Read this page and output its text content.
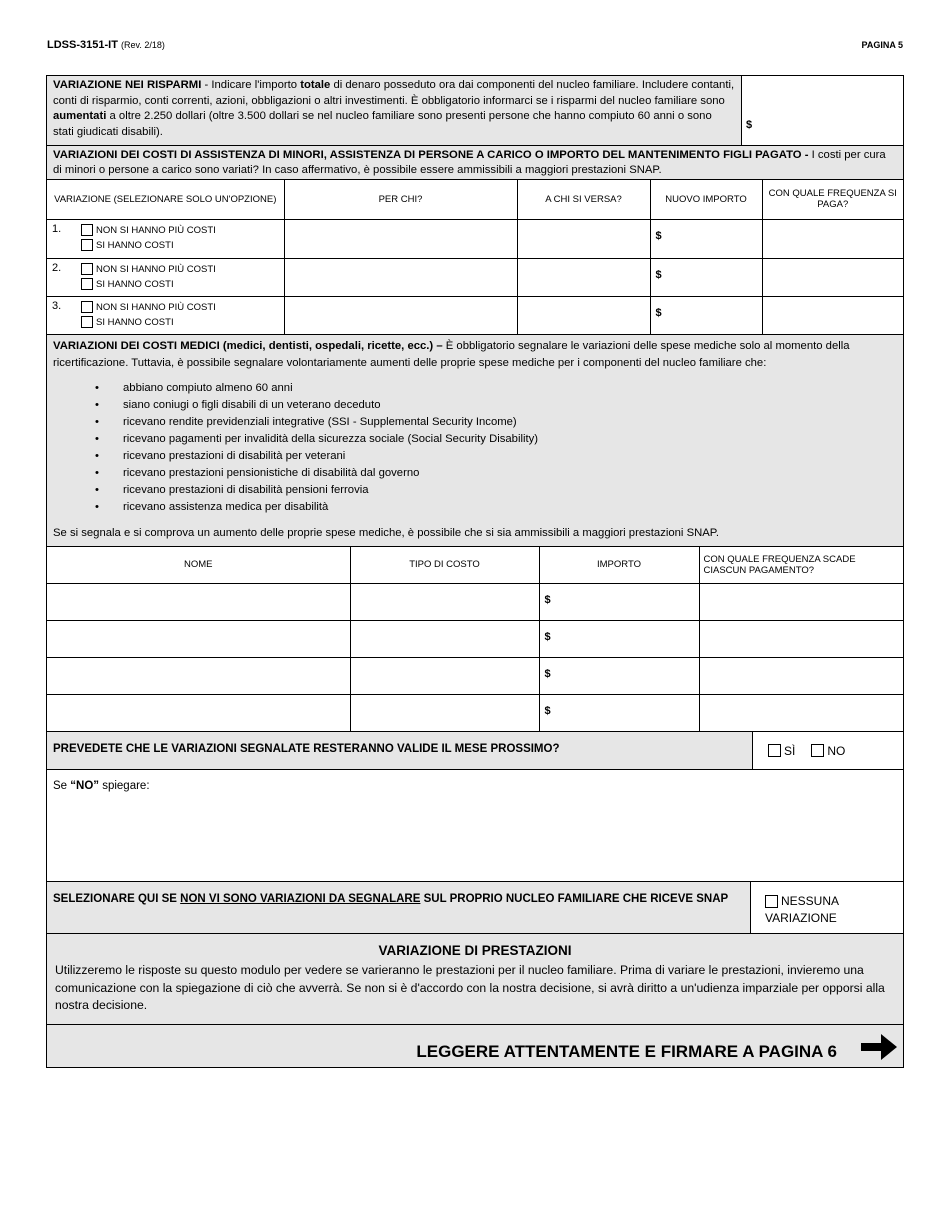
LDSS-3151-IT (Rev. 2/18)	PAGINA 5
VARIAZIONE NEI RISPARMI - Indicare l'importo totale di denaro posseduto ora dai componenti del nucleo familiare. Includere contanti, conti di risparmio, conti correnti, azioni, obbligazioni o altri investimenti. È obbligatorio informarci se i risparmi del nucleo familiare sono aumentati a oltre 2.250 dollari (oltre 3.500 dollari se nel nucleo familiare sono presenti persone che hanno compiuto 60 anni o sono stati giudicati disabili).
$
VARIAZIONI DEI COSTI DI ASSISTENZA DI MINORI, ASSISTENZA DI PERSONE A CARICO O IMPORTO DEL MANTENIMENTO FIGLI PAGATO - I costi per cura di minori o persone a carico sono variati? In caso affermativo, è possibile essere ammissibili a maggiori prestazioni SNAP.
VARIAZIONE (SELEZIONARE SOLO UN'OPZIONE)	PER CHI?	A CHI SI VERSA?	NUOVO IMPORTO	CON QUALE FREQUENZA SI PAGA?

1. NON SI HANNO PIÙ COSTI
SI HANNO COSTI			$	

2. NON SI HANNO PIÙ COSTI
SI HANNO COSTI			$	

3. NON SI HANNO PIÙ COSTI
SI HANNO COSTI			$	
VARIAZIONI DEI COSTI MEDICI (medici, dentisti, ospedali, ricette, ecc.) – È obbligatorio segnalare le variazioni delle spese mediche solo al momento della ricertificazione. Tuttavia, è possibile segnalare volontariamente aumenti delle proprie spese mediche per i componenti del nucleo familiare che:
• abbiano compiuto almeno 60 anni
• siano coniugi o figli disabili di un veterano deceduto
• ricevano rendite previdenziali integrative (SSI - Supplemental Security Income)
• ricevano pagamenti per invalidità della sicurezza sociale (Social Security Disability)
• ricevano prestazioni di disabilità per veterani
• ricevano prestazioni pensionistiche di disabilità dal governo
• ricevano prestazioni di disabilità pensioni ferrovia
• ricevano assistenza medica per disabilità
Se si segnala e si comprova un aumento delle proprie spese mediche, è possibile che si sia ammissibili a maggiori prestazioni SNAP.
NOME	TIPO DI COSTO	IMPORTO	CON QUALE FREQUENZA SCADE CIASCUN PAGAMENTO?
		$	
		$	
		$	
		$	
PREVEDETE CHE LE VARIAZIONI SEGNALATE RESTERANNO VALIDE IL MESE PROSSIMO?	SÌ	NO
Se “NO” spiegare:
SELEZIONARE QUI SE NON VI SONO VARIAZIONI DA SEGNALARE SUL PROPRIO NUCLEO FAMILIARE CHE RICEVE SNAP	NESSUNA
VARIAZIONE
VARIAZIONE DI PRESTAZIONI
Utilizzeremo le risposte su questo modulo per vedere se varieranno le prestazioni per il nucleo familiare. Prima di variare le prestazioni, invieremo una comunicazione con la spiegazione di ciò che avverrà. Se non si è d'accordo con la nostra decisione, si avrà diritto a un'udienza imparziale per opporsi alla nostra decisione.
LEGGERE ATTENTAMENTE E FIRMARE A PAGINA 6
